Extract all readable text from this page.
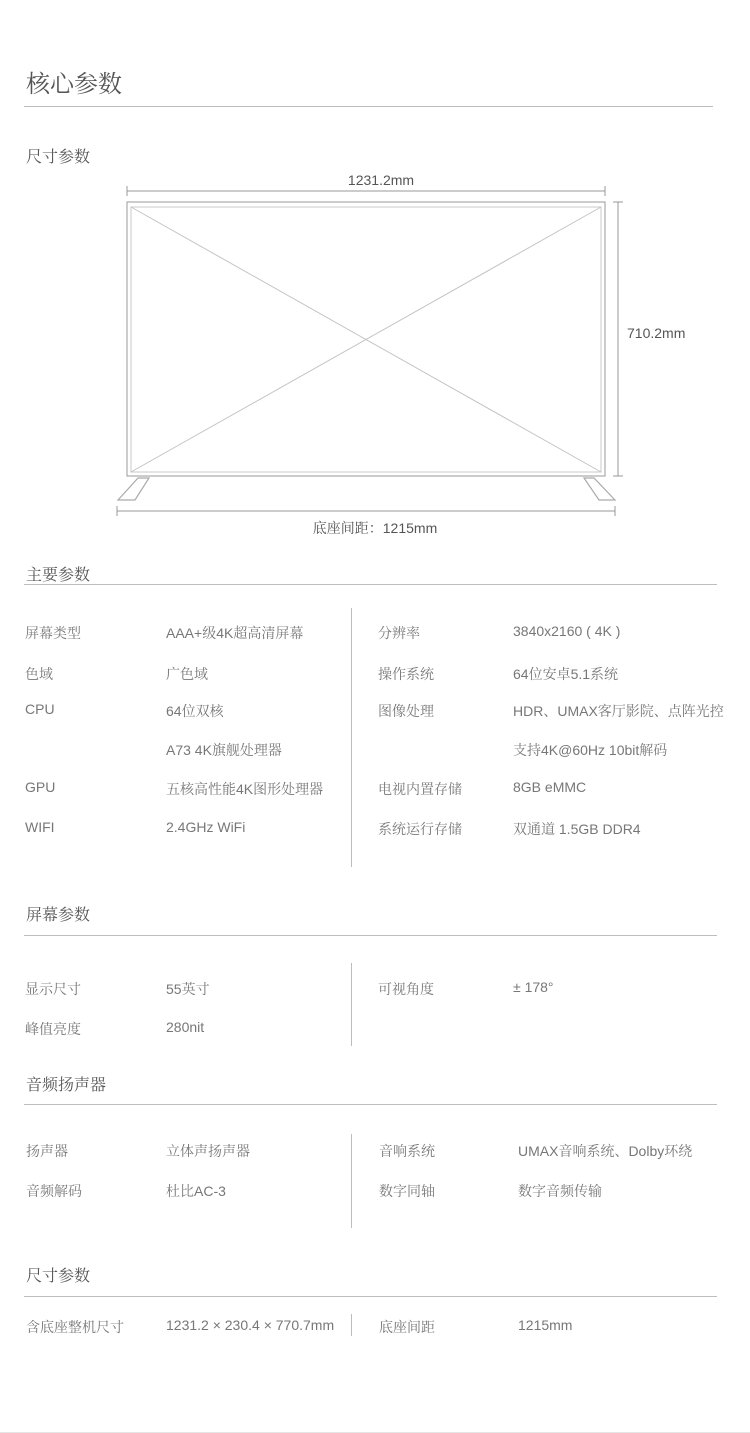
核心参数
尺寸参数
1231.2mm
710.2mm
底座间距：1215mm
主要参数
屏幕类型	AAA+级4K超高清屏幕
色域	广色域
CPU	64位双核
A73 4K旗舰处理器
GPU	五核高性能4K图形处理器
WIFI	2.4GHz WiFi
分辨率	3840x2160 ( 4K )
操作系统	64位安卓5.1系统
图像处理	HDR、UMAX客厅影院、点阵光控
支持4K@60Hz 10bit解码
电视内置存储	8GB eMMC
系统运行存储	双通道 1.5GB DDR4
屏幕参数
显示尺寸	55英寸
峰值亮度	280nit
可视角度	± 178°
音频扬声器
扬声器	立体声扬声器
音频解码	杜比AC-3
音响系统	UMAX音响系统、Dolby环绕
数字同轴	数字音频传输
尺寸参数
含底座整机尺寸	1231.2 × 230.4 × 770.7mm	底座间距	1215mm
